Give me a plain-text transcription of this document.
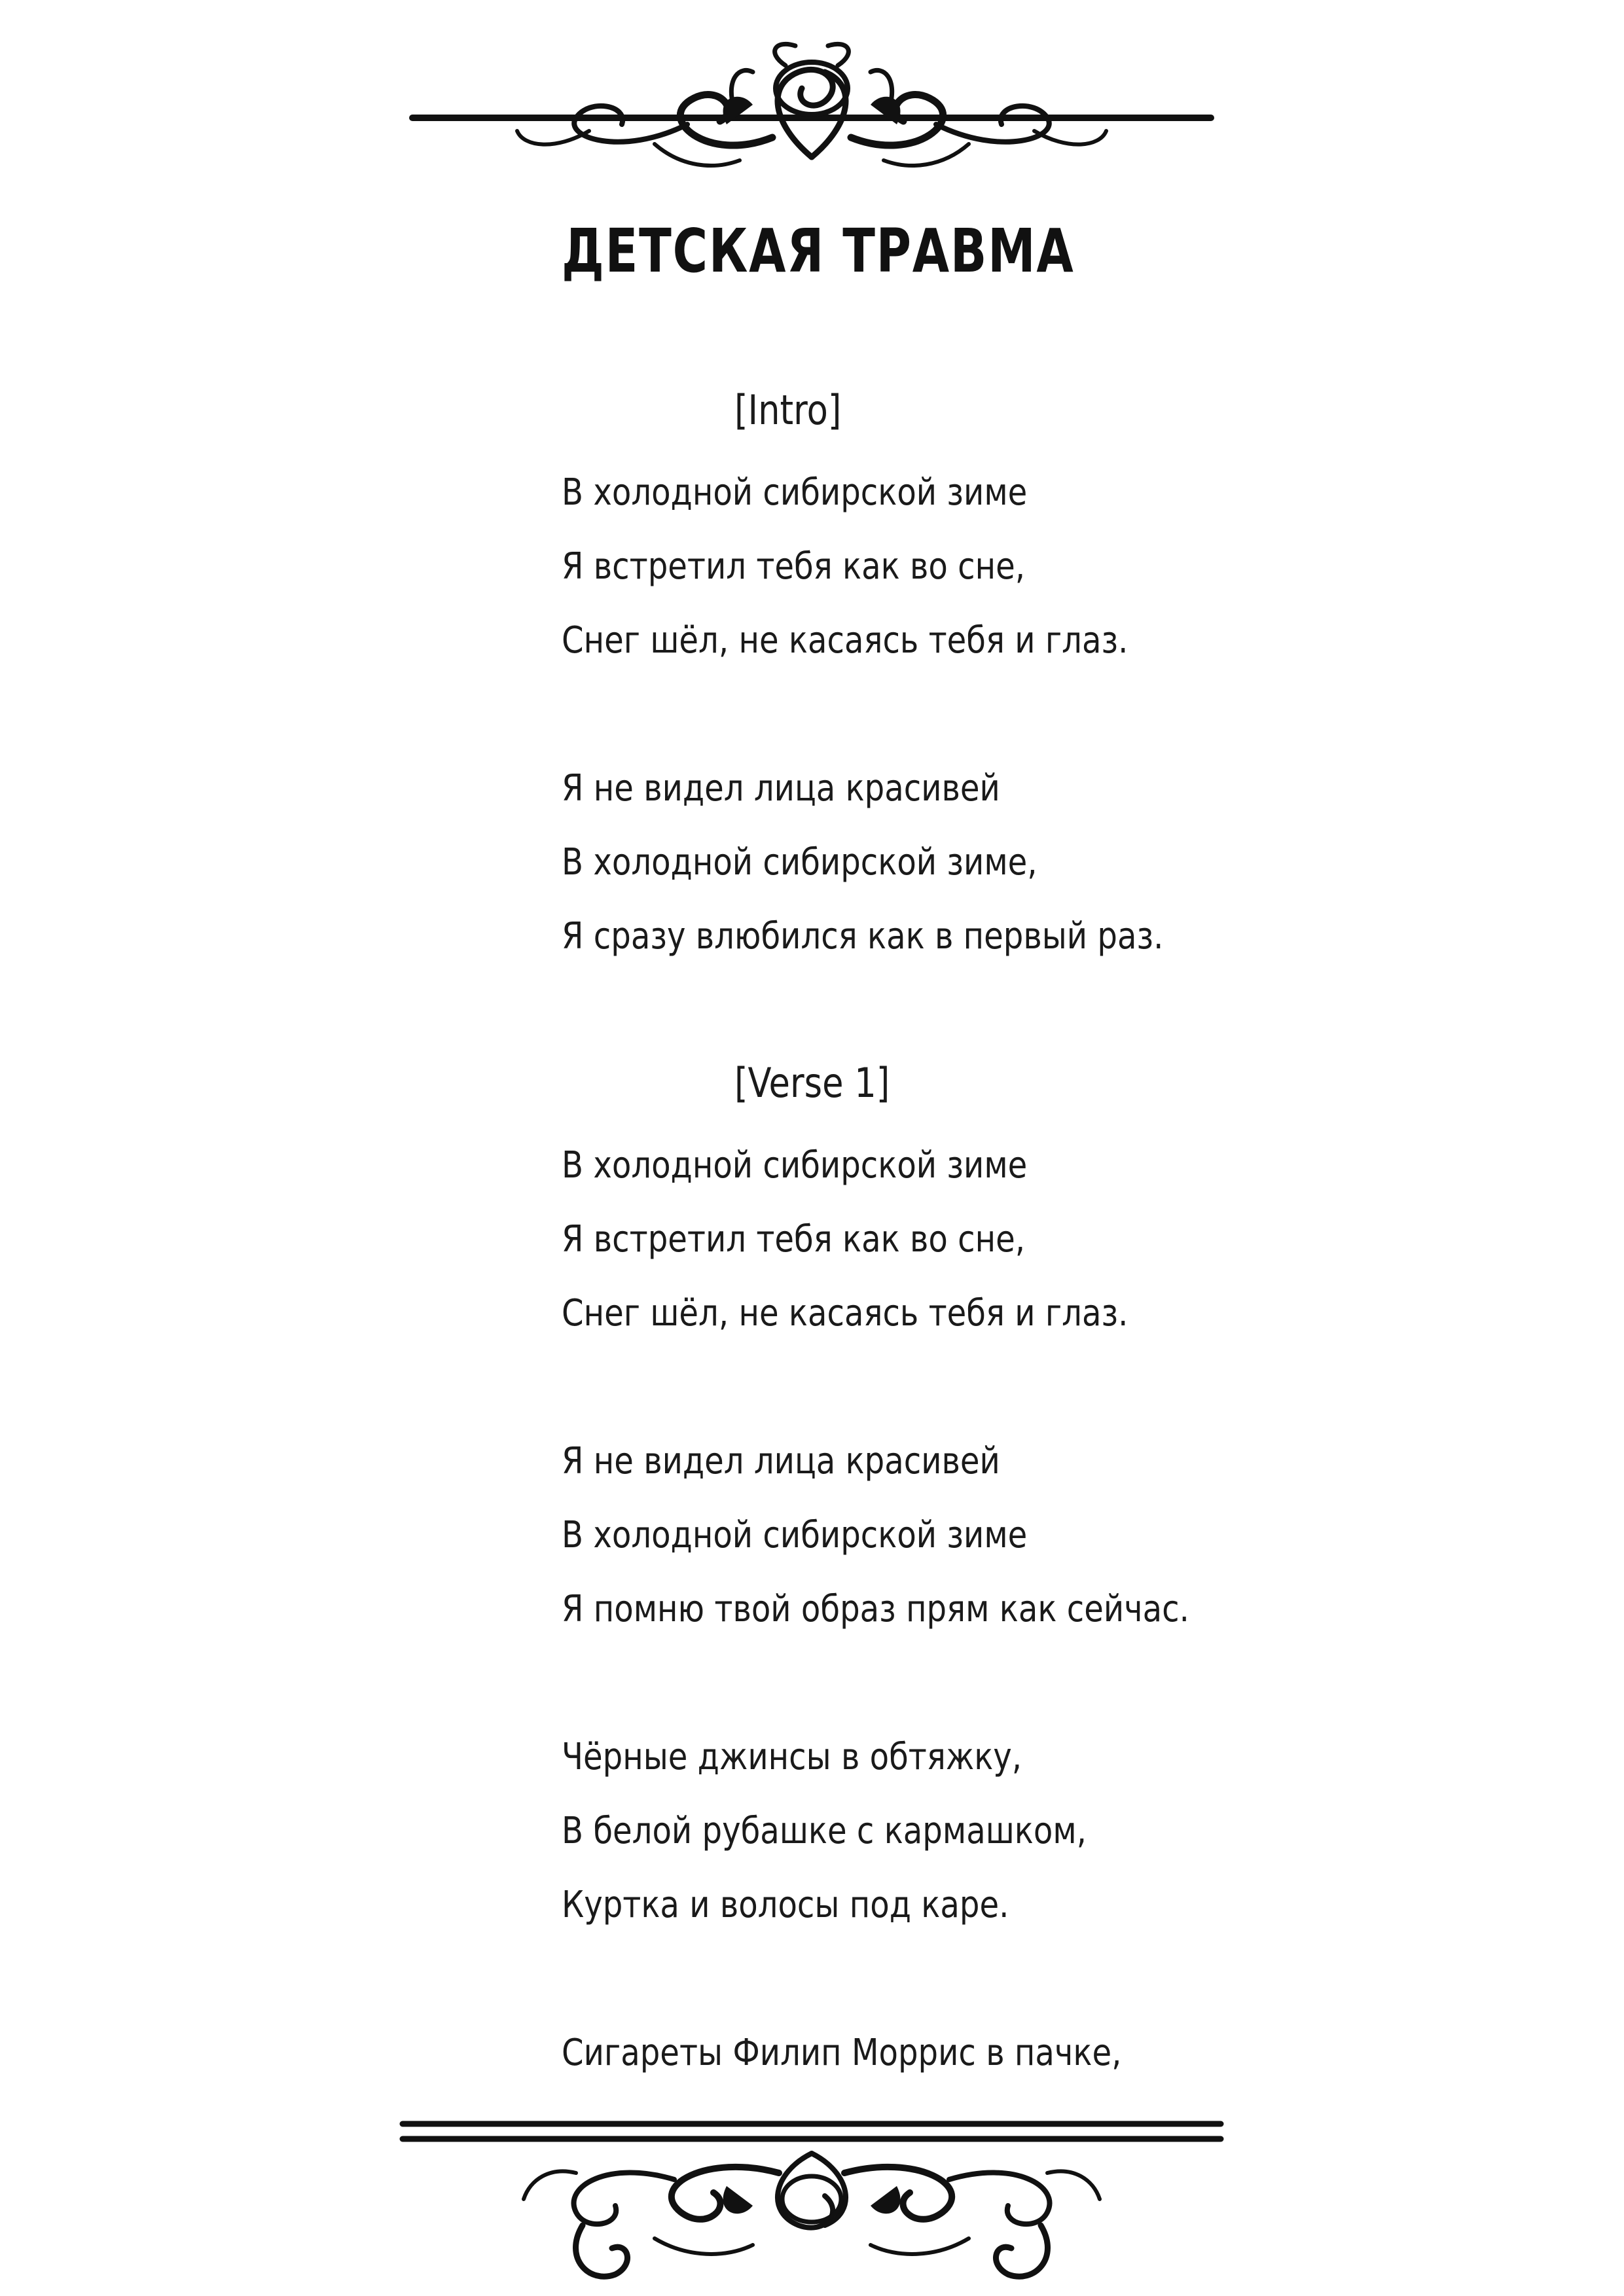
ДЕТСКАЯ ТРАВМА
[Intro]
В холодной сибирской зиме
Я встретил тебя как во сне,
Снег шёл, не касаясь тебя и глаз.
Я не видел лица красивей
В холодной сибирской зиме,
Я сразу влюбился как в первый раз.
[Verse 1]
В холодной сибирской зиме
Я встретил тебя как во сне,
Снег шёл, не касаясь тебя и глаз.
Я не видел лица красивей
В холодной сибирской зиме
Я помню твой образ прям как сейчас.
Чёрные джинсы в обтяжку,
В белой рубашке с кармашком,
Куртка и волосы под каре.
Сигареты Филип Моррис в пачке,
